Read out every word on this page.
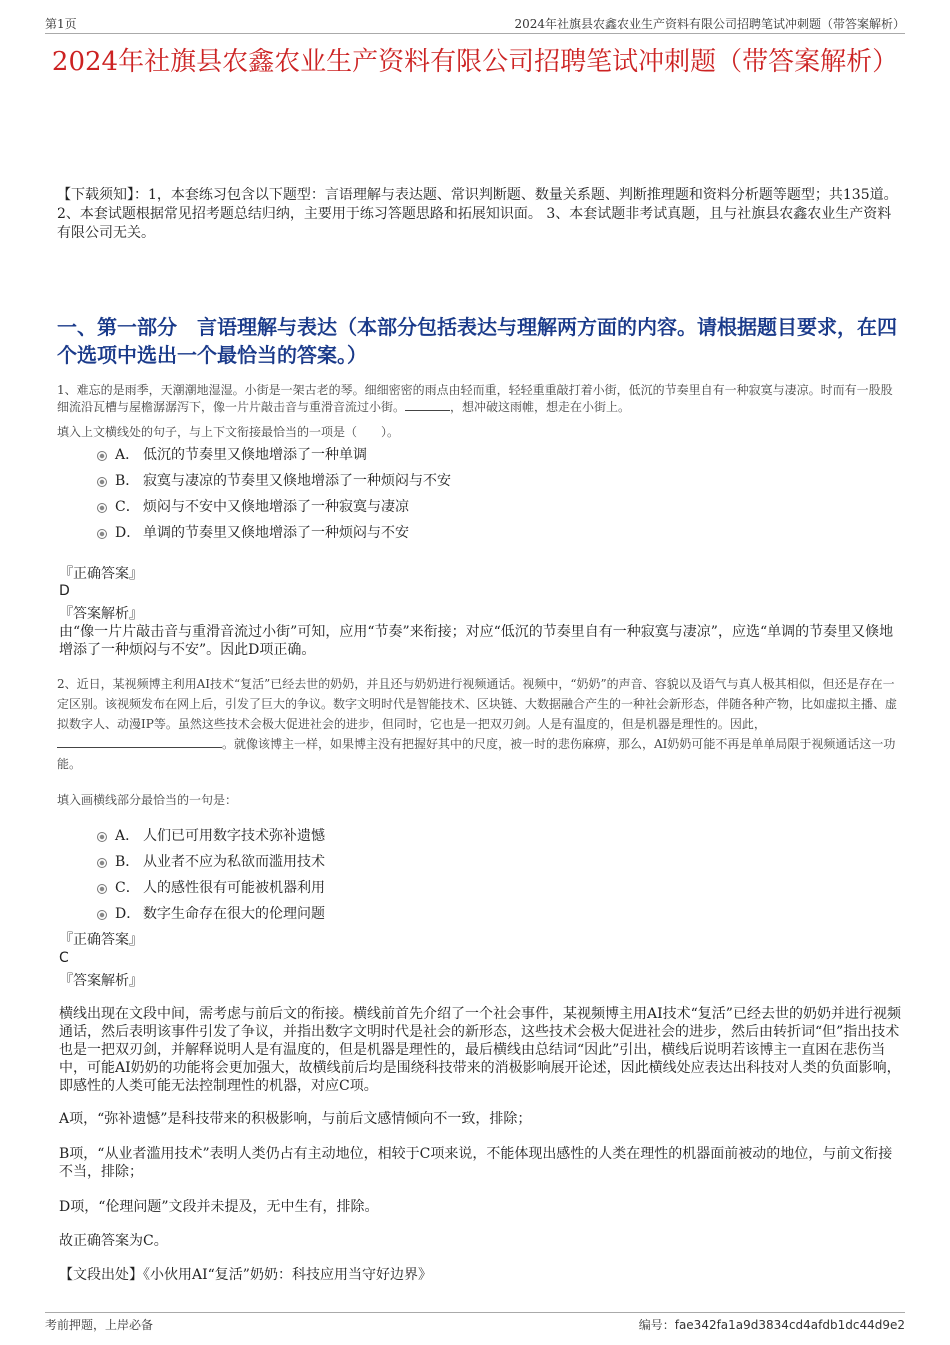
第1页	2024年社旗县农鑫农业生产资料有限公司招聘笔试冲刺题（带答案解析）
2024年社旗县农鑫农业生产资料有限公司招聘笔试冲刺题（带答案解析）

【下载须知】：1，本套练习包含以下题型：言语理解与表达题、常识判断题、数量关系题、判断推理题和资料分析题等题型；共135道。 2、本套试题根据常见招考题总结归纳，主要用于练习答题思路和拓展知识面。 3、本套试题非考试真题，且与社旗县农鑫农业生产资料有限公司无关。

一、第一部分　言语理解与表达（本部分包括表达与理解两方面的内容。请根据题目要求，在四个选项中选出一个最恰当的答案。）

1、难忘的是雨季，天潮潮地湿湿。小街是一架古老的琴。细细密密的雨点由轻而重，轻轻重重敲打着小街，低沉的节奏里自有一种寂寞与凄凉。时而有一股股细流沿瓦槽与屋檐潺潺泻下，像一片片敲击音与重滑音流过小街。	，想冲破这雨帷，想走在小街上。

填入上文横线处的句子，与上下文衔接最恰当的一项是（　　）。

A． 低沉的节奏里又倏地增添了一种单调
B． 寂寞与凄凉的节奏里又倏地增添了一种烦闷与不安
C． 烦闷与不安中又倏地增添了一种寂寞与凄凉
D． 单调的节奏里又倏地增添了一种烦闷与不安

『正确答案』

D

『答案解析』

由“像一片片敲击音与重滑音流过小街”可知，应用“节奏”来衔接；对应“低沉的节奏里自有一种寂寞与凄凉”，应选“单调的节奏里又倏地增添了一种烦闷与不安”。因此D项正确。

2、近日，某视频博主利用AI技术“复活”已经去世的奶奶，并且还与奶奶进行视频通话。视频中，“奶奶”的声音、容貌以及语气与真人极其相似，但还是存在一定区别。该视频发布在网上后，引发了巨大的争议。数字文明时代是智能技术、区块链、大数据融合产生的一种社会新形态，伴随各种产物，比如虚拟主播、虚拟数字人、动漫IP等。虽然这些技术会极大促进社会的进步，但同时，它也是一把双刃剑。人是有温度的，但是机器是理性的。因此，。就像该博主一样，如果博主没有把握好其中的尺度，被一时的悲伤麻痹，那么，AI奶奶可能不再是单单局限于视频通话这一功能。

填入画横线部分最恰当的一句是：

A． 人们已可用数字技术弥补遗憾
B． 从业者不应为私欲而滥用技术
C． 人的感性很有可能被机器利用
D． 数字生命存在很大的伦理问题

『正确答案』

C

『答案解析』

横线出现在文段中间，需考虑与前后文的衔接。横线前首先介绍了一个社会事件，某视频博主用AI技术“复活”已经去世的奶奶并进行视频通话，然后表明该事件引发了争议，并指出数字文明时代是社会的新形态，这些技术会极大促进社会的进步，然后由转折词“但”指出技术也是一把双刃剑，并解释说明人是有温度的，但是机器是理性的，最后横线由总结词“因此”引出，横线后说明若该博主一直困在悲伤当中，可能AI奶奶的功能将会更加强大，故横线前后均是围绕科技带来的消极影响展开论述，因此横线处应表达出科技对人类的负面影响，即感性的人类可能无法控制理性的机器，对应C项。

A项，“弥补遗憾”是科技带来的积极影响，与前后文感情倾向不一致，排除；

B项，“从业者滥用技术”表明人类仍占有主动地位，相较于C项来说，不能体现出感性的人类在理性的机器面前被动的地位，与前文衔接不当，排除；

D项，“伦理问题”文段并未提及，无中生有，排除。

故正确答案为C。

【文段出处】《小伙用AI“复活”奶奶：科技应用当守好边界》

考前押题，上岸必备	编号：fae342fa1a9d3834cd4afdb1dc44d9e2
